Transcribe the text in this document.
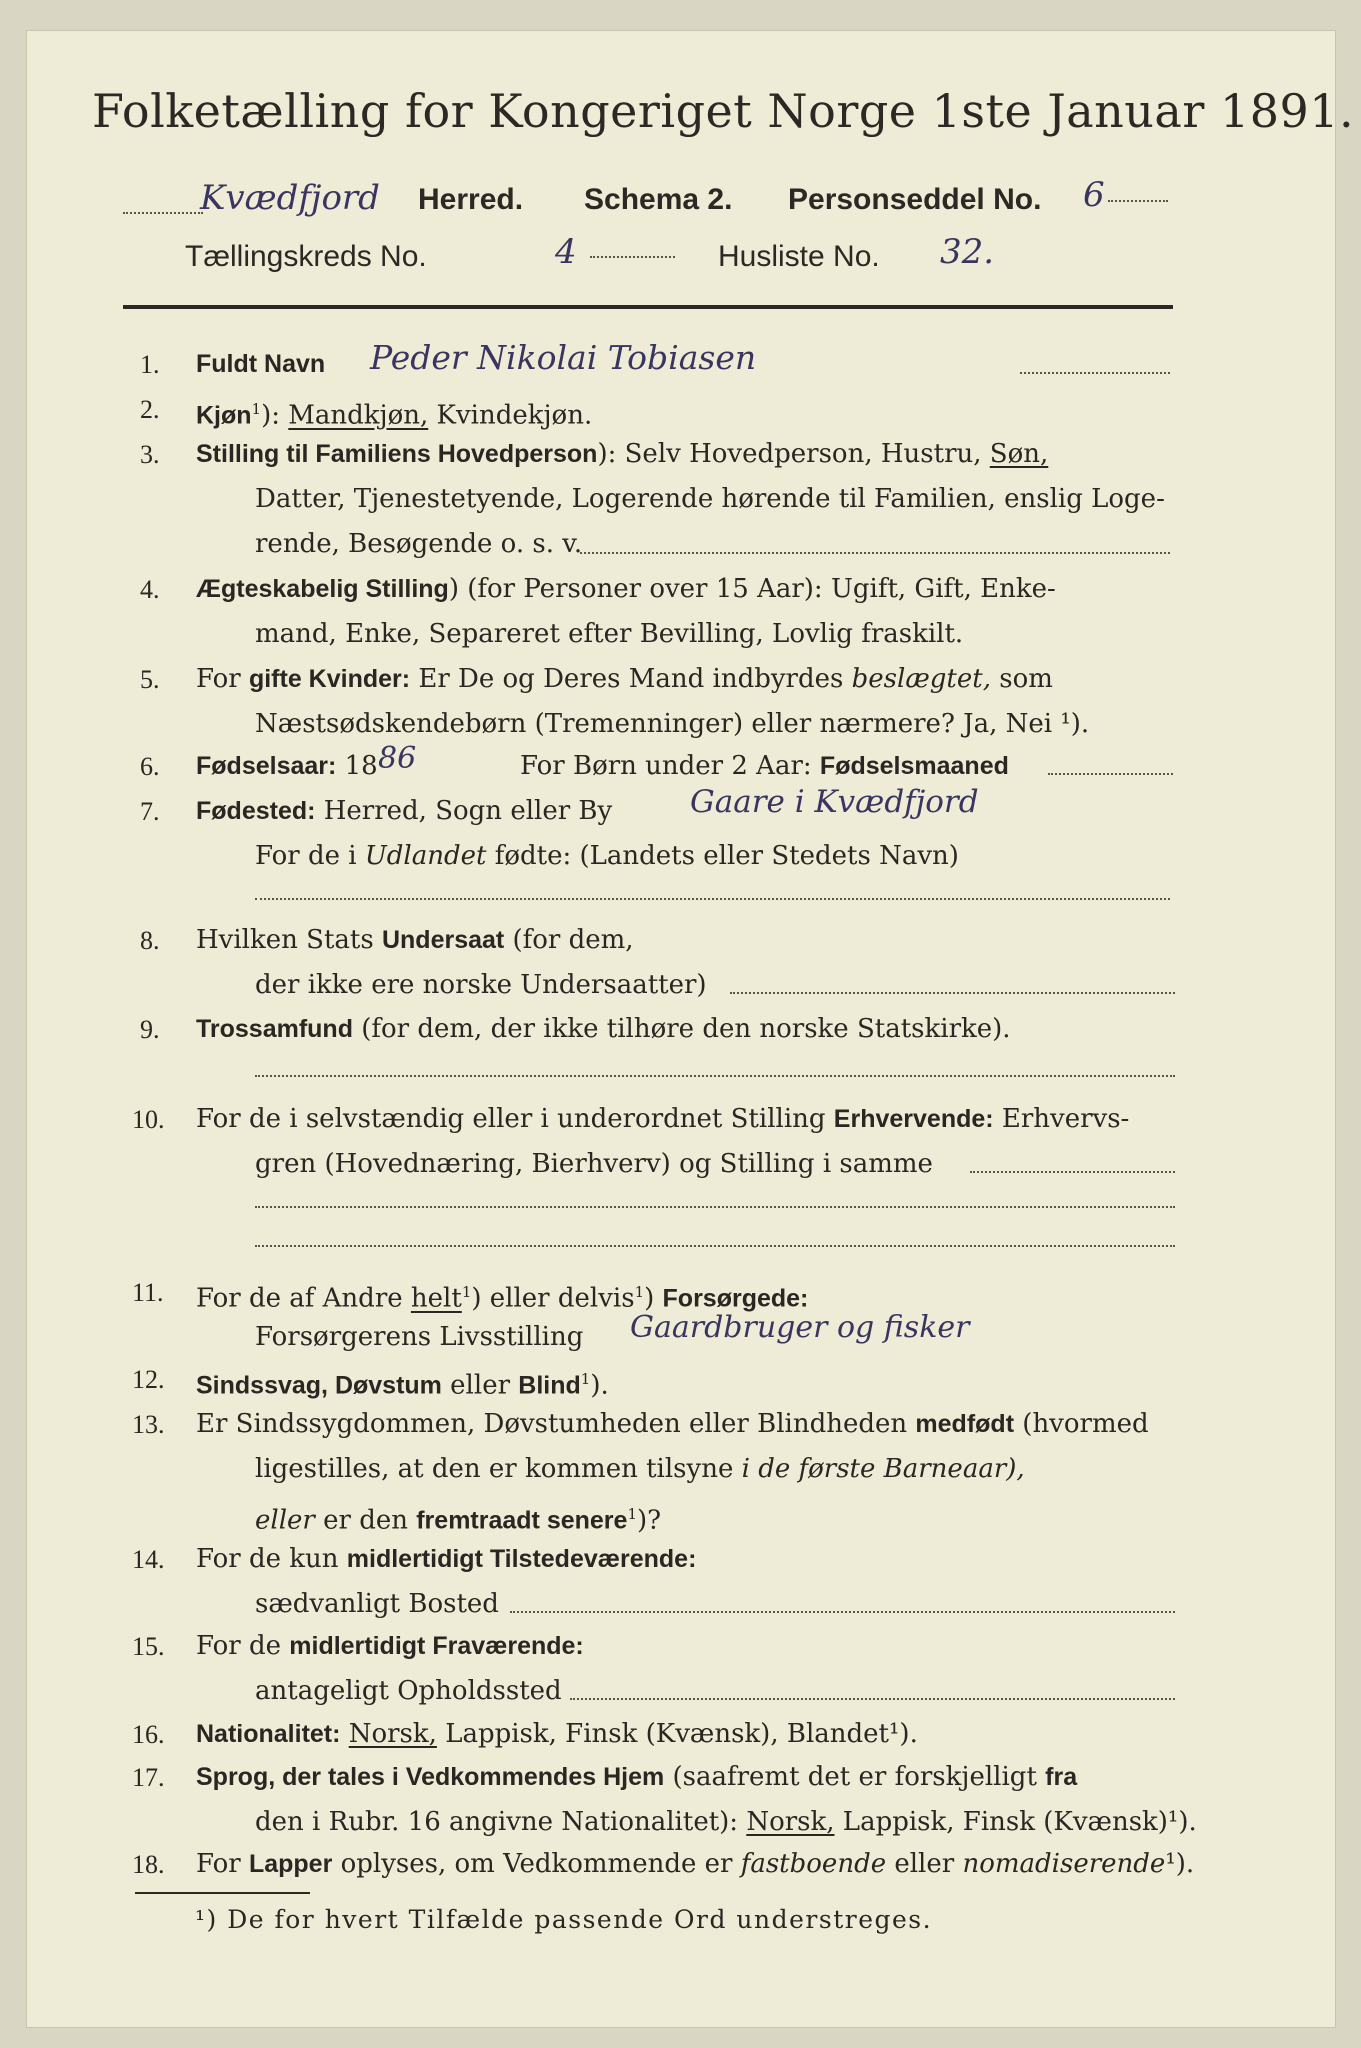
Folketælling for Kongeriget Norge 1ste Januar 1891.
Kvædfjord Herred. Schema 2. Personseddel No. 6
Tællingskreds No.	4	Husliste No. 32.
1. Fuldt Navn Peder Nikolai Tobiasen
2. Kjøn$^1$): Mandkjøn, Kvindekjøn.
3. Stilling til Familiens Hovedperson): Selv Hovedperson, Hustru, Søn,
Datter, Tjenestetyende, Logerende hørende til Familien, enslig Loge-
rende, Besøgende o. s. v.
4. Ægteskabelig Stilling) (for Personer over 15 Aar): Ugift, Gift, Enke-
mand, Enke, Separeret efter Bevilling, Lovlig fraskilt.
5. For gifte Kvinder: Er De og Deres Mand indbyrdes beslægtet, som
Næstsødskendebørn (Tremenninger) eller nærmere? Ja, Nei ¹).
6. Fødselsaar: 18 86	For Børn under 2 Aar: Fødselsmaaned
7. Fødested: Herred, Sogn eller By	Gaare i Kvædfjord
For de i Udlandet fødte: (Landets eller Stedets Navn)
8. Hvilken Stats Undersaat (for dem,
der ikke ere norske Undersaatter)
9. Trossamfund (for dem, der ikke tilhøre den norske Statskirke).
10. For de i selvstændig eller i underordnet Stilling Erhvervende: Erhvervs-
gren (Hovednæring, Bierhverv) og Stilling i samme
11. For de af Andre helt$^1$) eller delvis$^1$) Forsørgede:
Forsørgerens Livsstilling Gaardbruger og fisker
12. Sindssvag, Døvstum eller Blind$^1$).
13. Er Sindssygdommen, Døvstumheden eller Blindheden medfødt (hvormed
ligestilles, at den er kommen tilsyne i de første Barneaar),
eller er den fremtraadt senere$^1$)?
14. For de kun midlertidigt Tilstedeværende:
sædvanligt Bosted
15. For de midlertidigt Fraværende:
antageligt Opholdssted
16. Nationalitet: Norsk, Lappisk, Finsk (Kvænsk), Blandet¹).
17. Sprog, der tales i Vedkommendes Hjem (saafremt det er forskjelligt fra
den i Rubr. 16 angivne Nationalitet): Norsk, Lappisk, Finsk (Kvænsk)¹).
18. For Lapper oplyses, om Vedkommende er fastboende eller nomadiserende¹).
¹) De for hvert Tilfælde passende Ord understreges.
